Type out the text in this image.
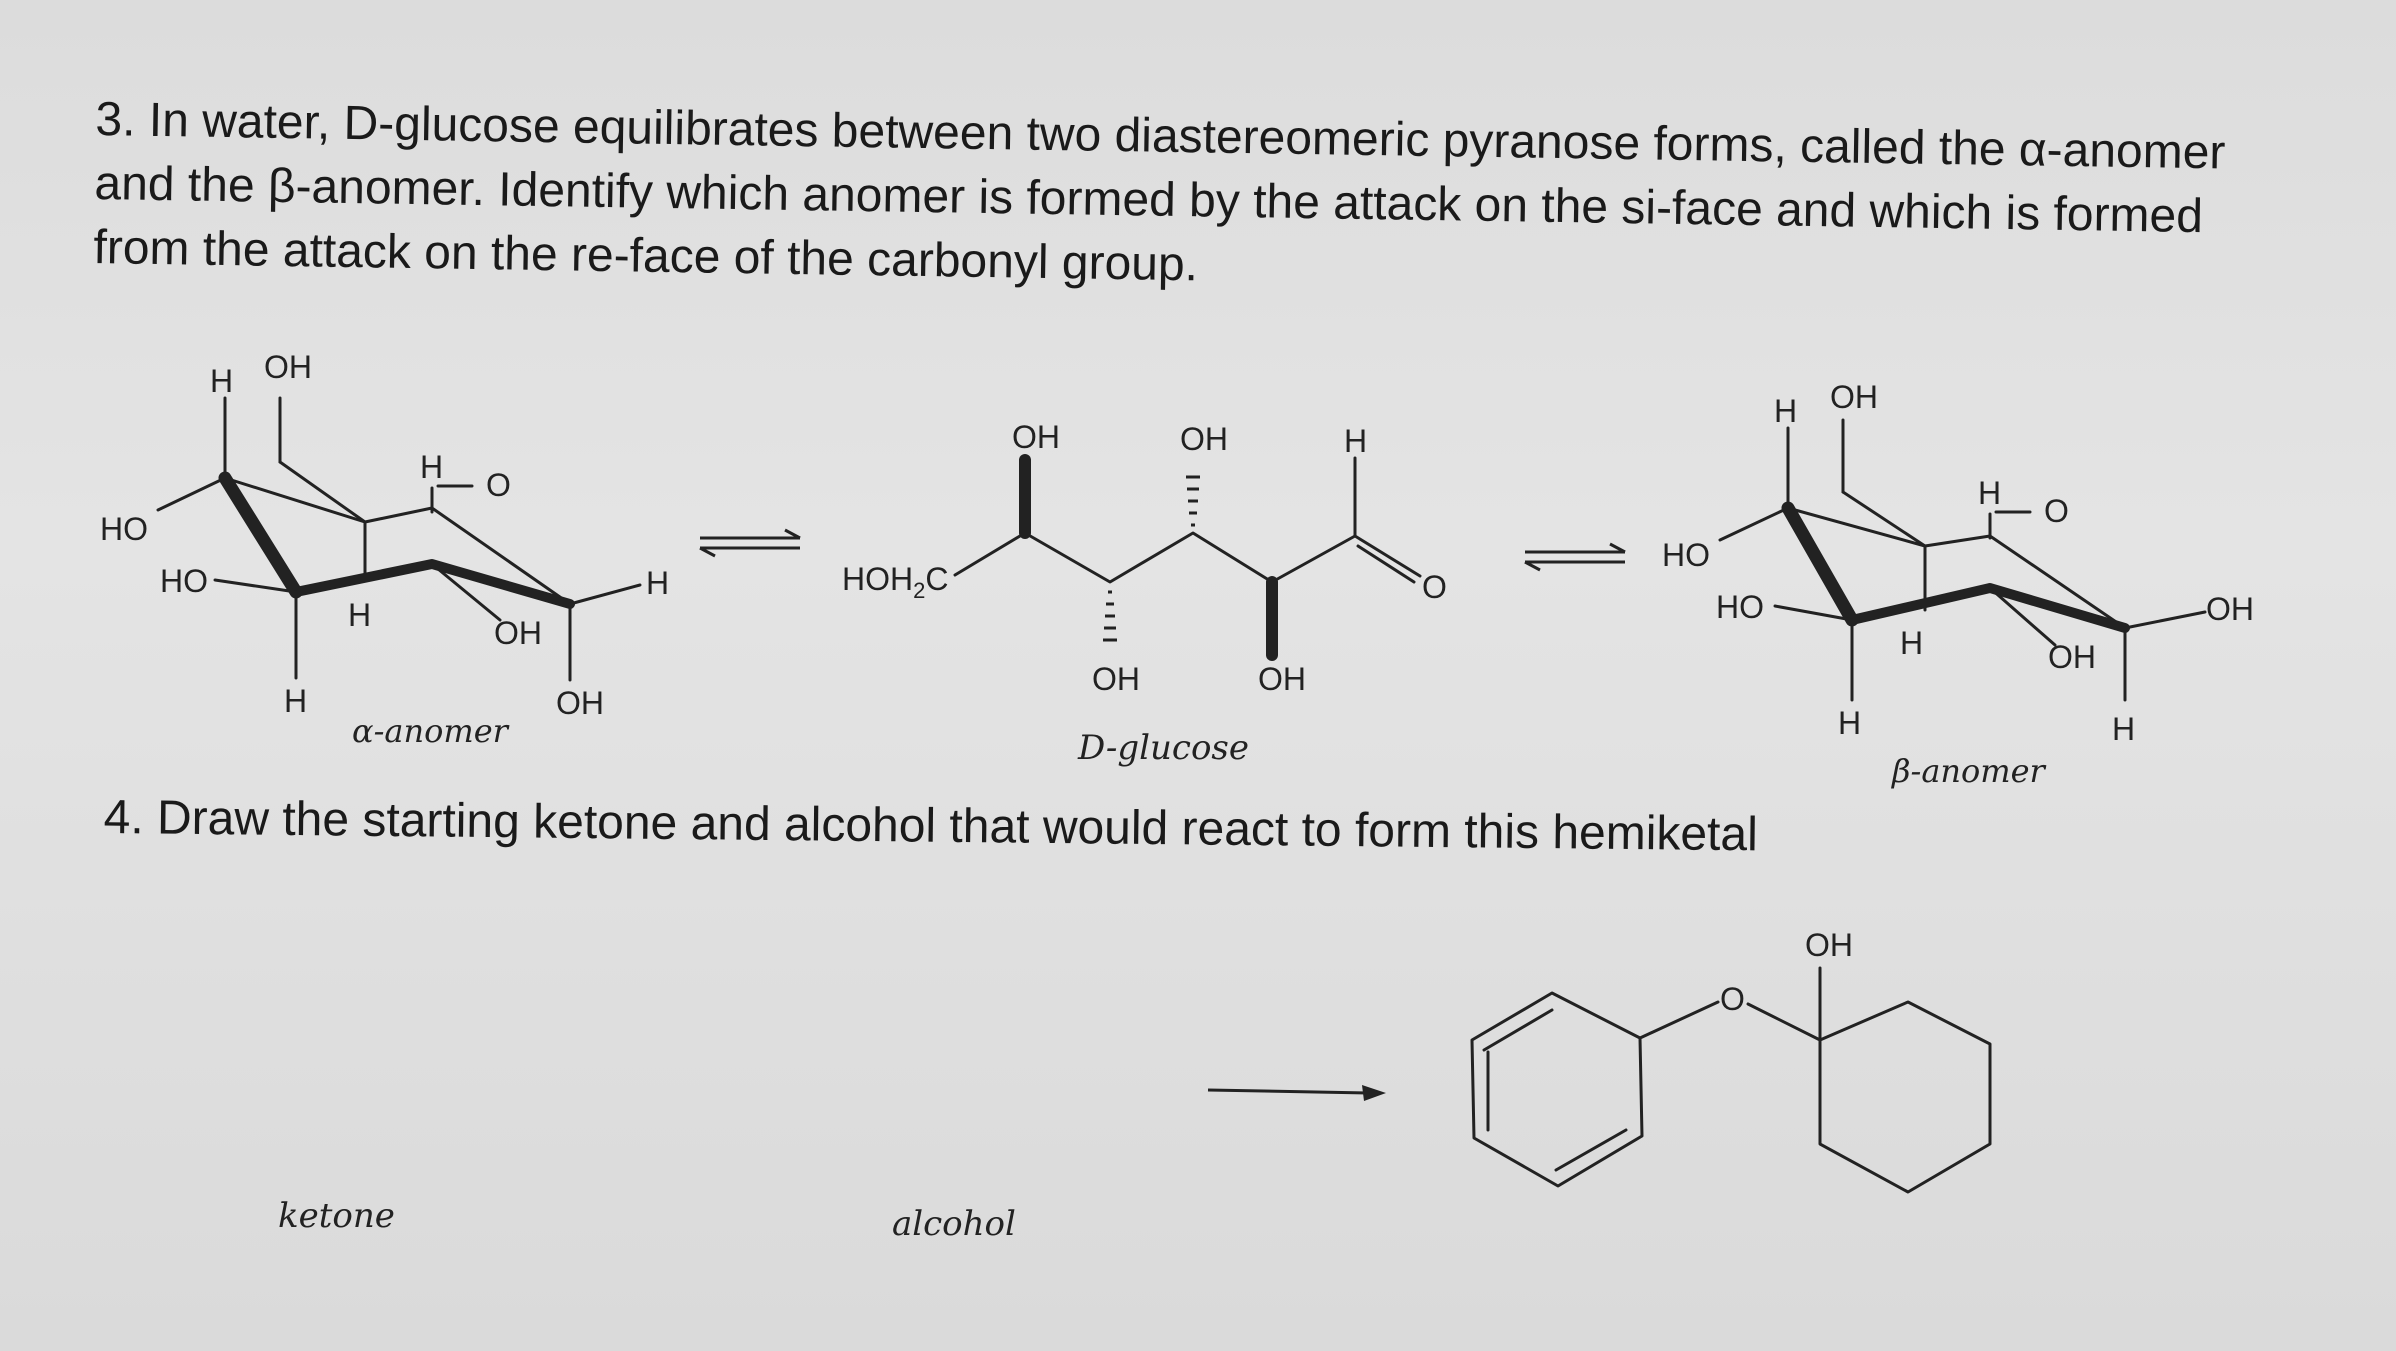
3. In water, D-glucose equilibrates between two diastereomeric pyranose forms, called the α-anomer and the β-anomer. Identify which anomer is formed by the attack on the si-face and which is formed from the attack on the re-face of the carbonyl group.
H OH
HO
HO
H O
H	OH
H	OH
H
OH	OH	H
$HOH_2C$	O
OH	OH
H OH
HO
HO
H O
H	OH
H
OH
H
OH
O
α-anomer	D-glucose
β-anomer
4. Draw the starting ketone and alcohol that would react to form this hemiketal
ketone	alcohol
